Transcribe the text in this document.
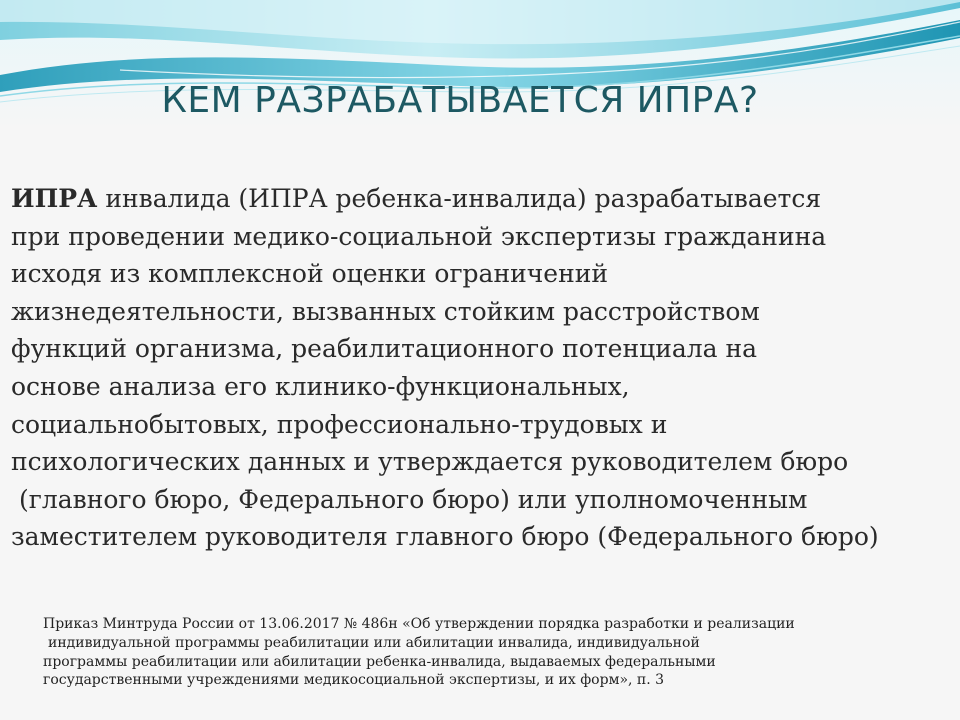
КЕМ РАЗРАБАТЫВАЕТСЯ ИПРА?
ИПРА инвалида (ИПРА ребенка-инвалида) разрабатывается
при проведении медико-социальной экспертизы гражданина
исходя из комплексной оценки ограничений
жизнедеятельности, вызванных стойким расстройством
функций организма, реабилитационного потенциала на
основе анализа его клинико-функциональных,
социальнобытовых, профессионально-трудовых и
психологических данных и утверждается руководителем бюро
(главного бюро, Федерального бюро) или уполномоченным
заместителем руководителя главного бюро (Федерального бюро)
Приказ Минтруда России от 13.06.2017 № 486н «Об утверждении порядка разработки и реализации
индивидуальной программы реабилитации или абилитации инвалида, индивидуальной
программы реабилитации или абилитации ребенка-инвалида, выдаваемых федеральными
государственными учреждениями медикосоциальной экспертизы, и их форм», п. 3
